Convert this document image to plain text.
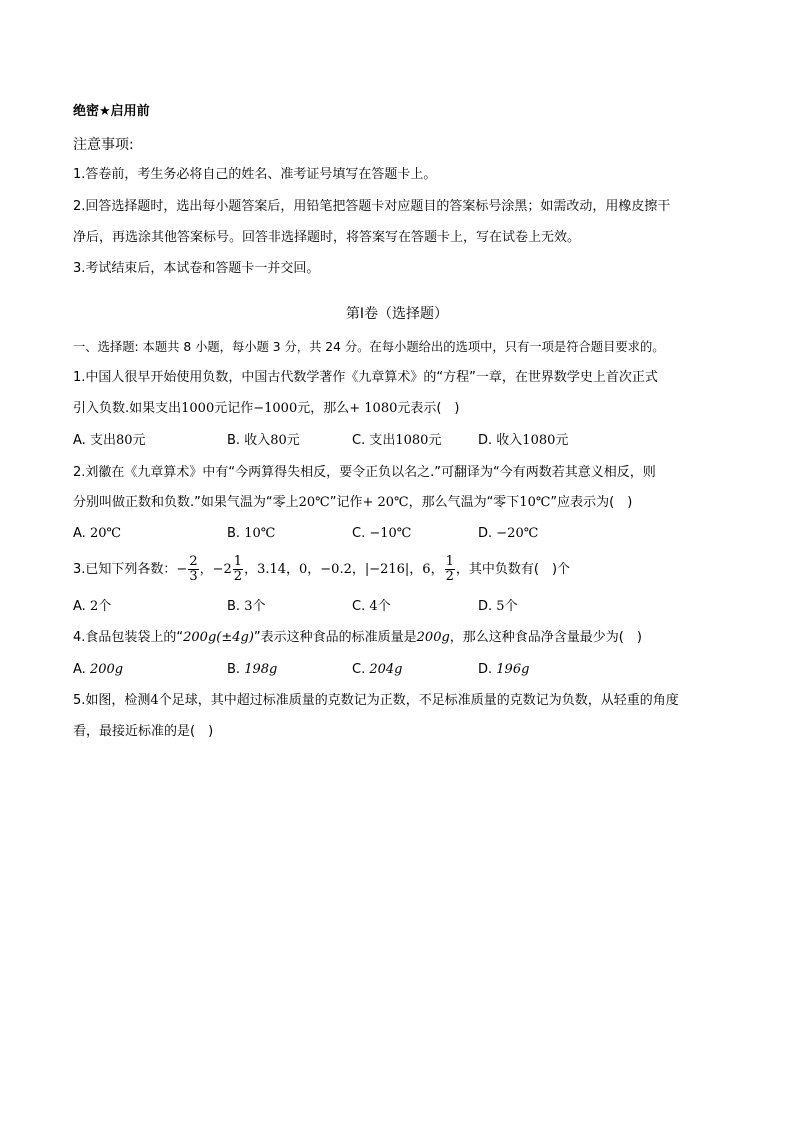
绝密★启用前
注意事项:
1.答卷前，考生务必将自己的姓名、准考证号填写在答题卡上。
2.回答选择题时，选出每小题答案后，用铅笔把答题卡对应题目的答案标号涂黑；如需改动，用橡皮擦干
净后，再选涂其他答案标号。回答非选择题时，将答案写在答题卡上，写在试卷上无效。
3.考试结束后，本试卷和答题卡一并交回。
第Ⅰ卷（选择题）
一、选择题: 本题共 8 小题，每小题 3 分，共 24 分。在每小题给出的选项中，只有一项是符合题目要求的。
1.中国人很早开始使用负数，中国古代数学著作《九章算术》的“方程”一章，在世界数学史上首次正式
引入负数.如果支出1000元记作−1000元，那么+ 1080元表示(　)
A. 支出80元	B. 收入80元	C. 支出1080元	D. 收入1080元
2.刘徽在《九章算术》中有“今两算得失相反，要令正负以名之.”可翻译为“今有两数若其意义相反，则
分别叫做正数和负数.”如果气温为“零上20℃”记作+ 20℃，那么气温为“零下10℃”应表示为(　)
A. 20℃	B. 10℃	C. −10℃	D. −20℃
3.已知下列各数：− $\frac{2}{3}$ ，$-2 \frac{1}{2}$ ，3.14，0，−0.2，|−216|，6， $\frac{1}{2}$ ，其中负数有(　)个
A. 2个	B. 3个	C. 4个	D. 5个
4.食品包装袋上的“200g(±4g)”表示这种食品的标准质量是200g，那么这种食品净含量最少为(　)
A. 200g	B. 198g	C. 204g	D. 196g
5.如图，检测4个足球，其中超过标准质量的克数记为正数，不足标准质量的克数记为负数，从轻重的角度
看，最接近标准的是(　)
